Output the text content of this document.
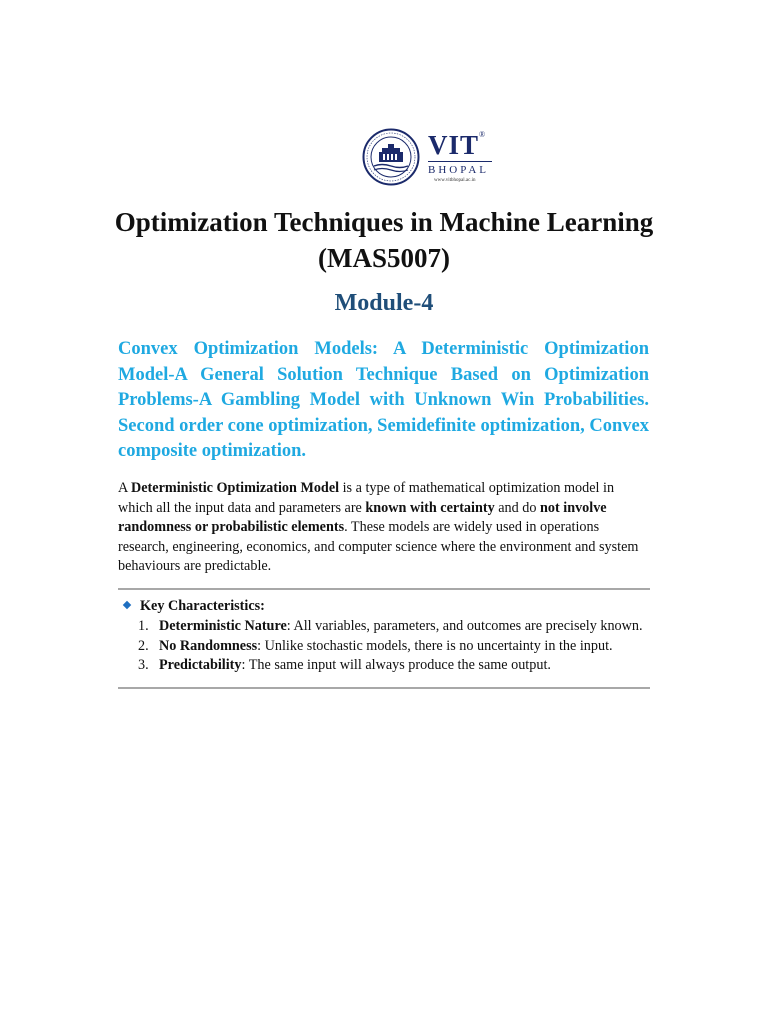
VIT®
BHOPAL
www.vitbhopal.ac.in
Optimization Techniques in Machine Learning
(MAS5007)
Module-4
Convex Optimization Models: A Deterministic Optimization Model-A General Solution Technique Based on Optimization Problems-A Gambling Model with Unknown Win Probabilities. Second order cone optimization, Semidefinite optimization, Convex composite optimization.
A Deterministic Optimization Model is a type of mathematical optimization model in which all the input data and parameters are known with certainty and do not involve randomness or probabilistic elements. These models are widely used in operations research, engineering, economics, and computer science where the environment and system behaviours are predictable.
Key Characteristics:
1. Deterministic Nature: All variables, parameters, and outcomes are precisely known.
2. No Randomness: Unlike stochastic models, there is no uncertainty in the input.
3. Predictability: The same input will always produce the same output.
